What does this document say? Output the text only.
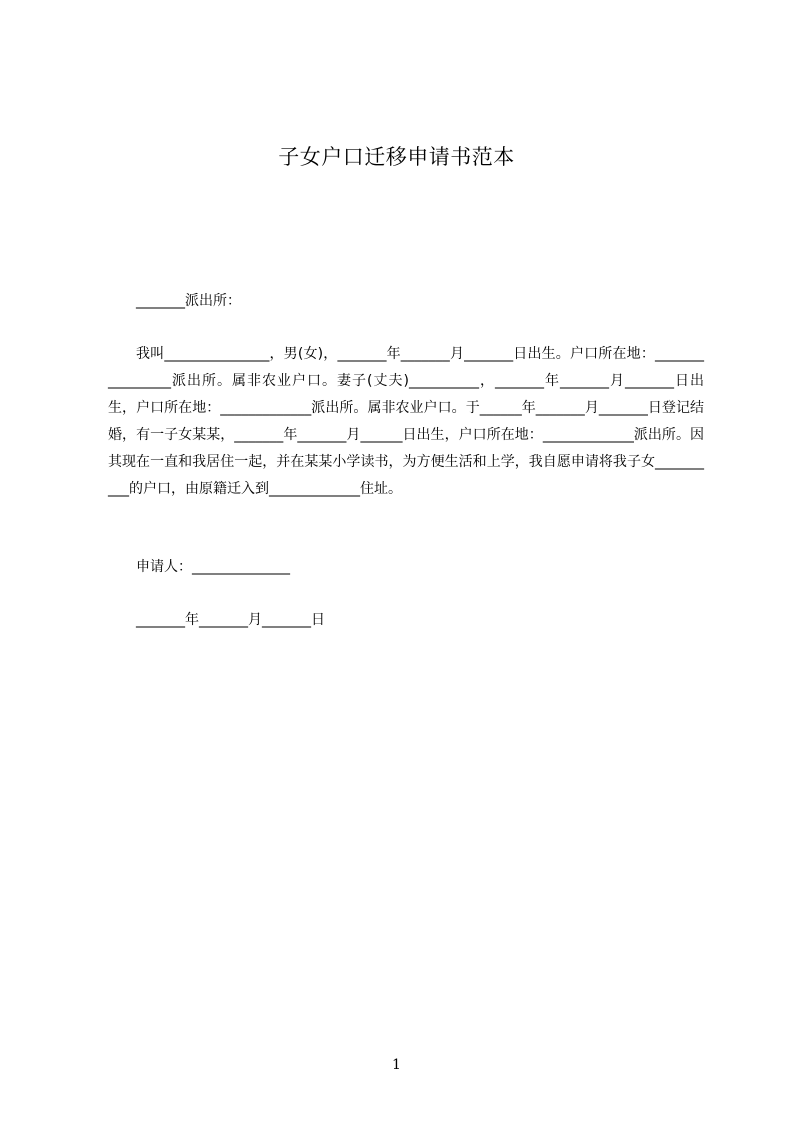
子女户口迁移申请书范本
_______派出所：

我叫_______________，男(女)，_______年_______月_______日出生。户口所在地：________________派出所。属非农业户口。妻子(丈夫)__________，_______年_______月_______日出生，户口所在地：_____________派出所。属非农业户口。于______年_______月_______日登记结婚，有一子女某某，_______年_______月______日出生，户口所在地：_____________派出所。因其现在一直和我居住一起，并在某某小学读书，为方便生活和上学，我自愿申请将我子女__________的户口，由原籍迁入到_____________住址。

申请人：______________
_______年_______月_______日
1
